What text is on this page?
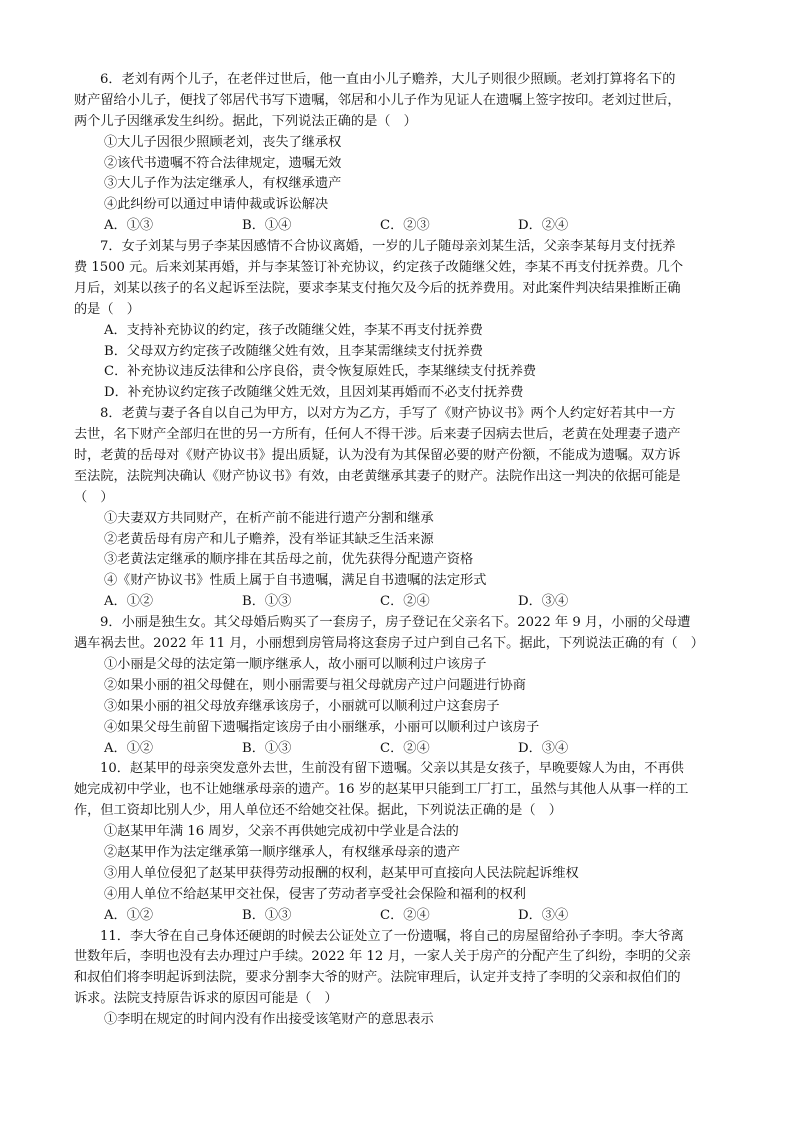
6．老刘有两个儿子，在老伴过世后，他一直由小儿子赡养，大儿子则很少照顾。老刘打算将名下的
财产留给小儿子，便找了邻居代书写下遗嘱，邻居和小儿子作为见证人在遗嘱上签字按印。老刘过世后，
两个儿子因继承发生纠纷。据此，下列说法正确的是（　）
①大儿子因很少照顾老刘，丧失了继承权
②该代书遗嘱不符合法律规定，遗嘱无效
③大儿子作为法定继承人，有权继承遗产
④此纠纷可以通过申请仲裁或诉讼解决
A．①③	B．①④	C．②③	D．②④
7．女子刘某与男子李某因感情不合协议离婚，一岁的儿子随母亲刘某生活，父亲李某每月支付抚养
费 1500 元。后来刘某再婚，并与李某签订补充协议，约定孩子改随继父姓，李某不再支付抚养费。几个
月后，刘某以孩子的名义起诉至法院，要求李某支付拖欠及今后的抚养费用。对此案件判决结果推断正确
的是（　）
A．支持补充协议的约定，孩子改随继父姓，李某不再支付抚养费
B．父母双方约定孩子改随继父姓有效，且李某需继续支付抚养费
C．补充协议违反法律和公序良俗，责令恢复原姓氏，李某继续支付抚养费
D．补充协议约定孩子改随继父姓无效，且因刘某再婚而不必支付抚养费
8．老黄与妻子各自以自己为甲方，以对方为乙方，手写了《财产协议书》两个人约定好若其中一方
去世，名下财产全部归在世的另一方所有，任何人不得干涉。后来妻子因病去世后，老黄在处理妻子遗产
时，老黄的岳母对《财产协议书》提出质疑，认为没有为其保留必要的财产份额，不能成为遗嘱。双方诉
至法院，法院判决确认《财产协议书》有效，由老黄继承其妻子的财产。法院作出这一判决的依据可能是
（　）
①夫妻双方共同财产，在析产前不能进行遗产分割和继承
②老黄岳母有房产和儿子赡养，没有举证其缺乏生活来源
③老黄法定继承的顺序排在其岳母之前，优先获得分配遗产资格
④《财产协议书》性质上属于自书遗嘱，满足自书遗嘱的法定形式
A．①②	B．①③	C．②④	D．③④
9．小丽是独生女。其父母婚后购买了一套房子，房子登记在父亲名下。2022 年 9 月，小丽的父母遭
遇车祸去世。2022 年 11 月，小丽想到房管局将这套房子过户到自己名下。据此，下列说法正确的有（　）
①小丽是父母的法定第一顺序继承人，故小丽可以顺利过户该房子
②如果小丽的祖父母健在，则小丽需要与祖父母就房产过户问题进行协商
③如果小丽的祖父母放弃继承该房子，小丽就可以顺利过户这套房子
④如果父母生前留下遗嘱指定该房子由小丽继承，小丽可以顺利过户该房子
A．①②	B．①③	C．②④	D．③④
10．赵某甲的母亲突发意外去世，生前没有留下遗嘱。父亲以其是女孩子，早晚要嫁人为由，不再供
她完成初中学业，也不让她继承母亲的遗产。16 岁的赵某甲只能到工厂打工，虽然与其他人从事一样的工
作，但工资却比别人少，用人单位还不给她交社保。据此，下列说法正确的是（　）
①赵某甲年满 16 周岁，父亲不再供她完成初中学业是合法的
②赵某甲作为法定继承第一顺序继承人，有权继承母亲的遗产
③用人单位侵犯了赵某甲获得劳动报酬的权利，赵某甲可直接向人民法院起诉维权
④用人单位不给赵某甲交社保，侵害了劳动者享受社会保险和福利的权利
A．①②	B．①③	C．②④	D．③④
11．李大爷在自己身体还硬朗的时候去公证处立了一份遗嘱，将自己的房屋留给孙子李明。李大爷离
世数年后，李明也没有去办理过户手续。2022 年 12 月，一家人关于房产的分配产生了纠纷，李明的父亲
和叔伯们将李明起诉到法院，要求分割李大爷的财产。法院审理后，认定并支持了李明的父亲和叔伯们的
诉求。法院支持原告诉求的原因可能是（　）
①李明在规定的时间内没有作出接受该笔财产的意思表示
